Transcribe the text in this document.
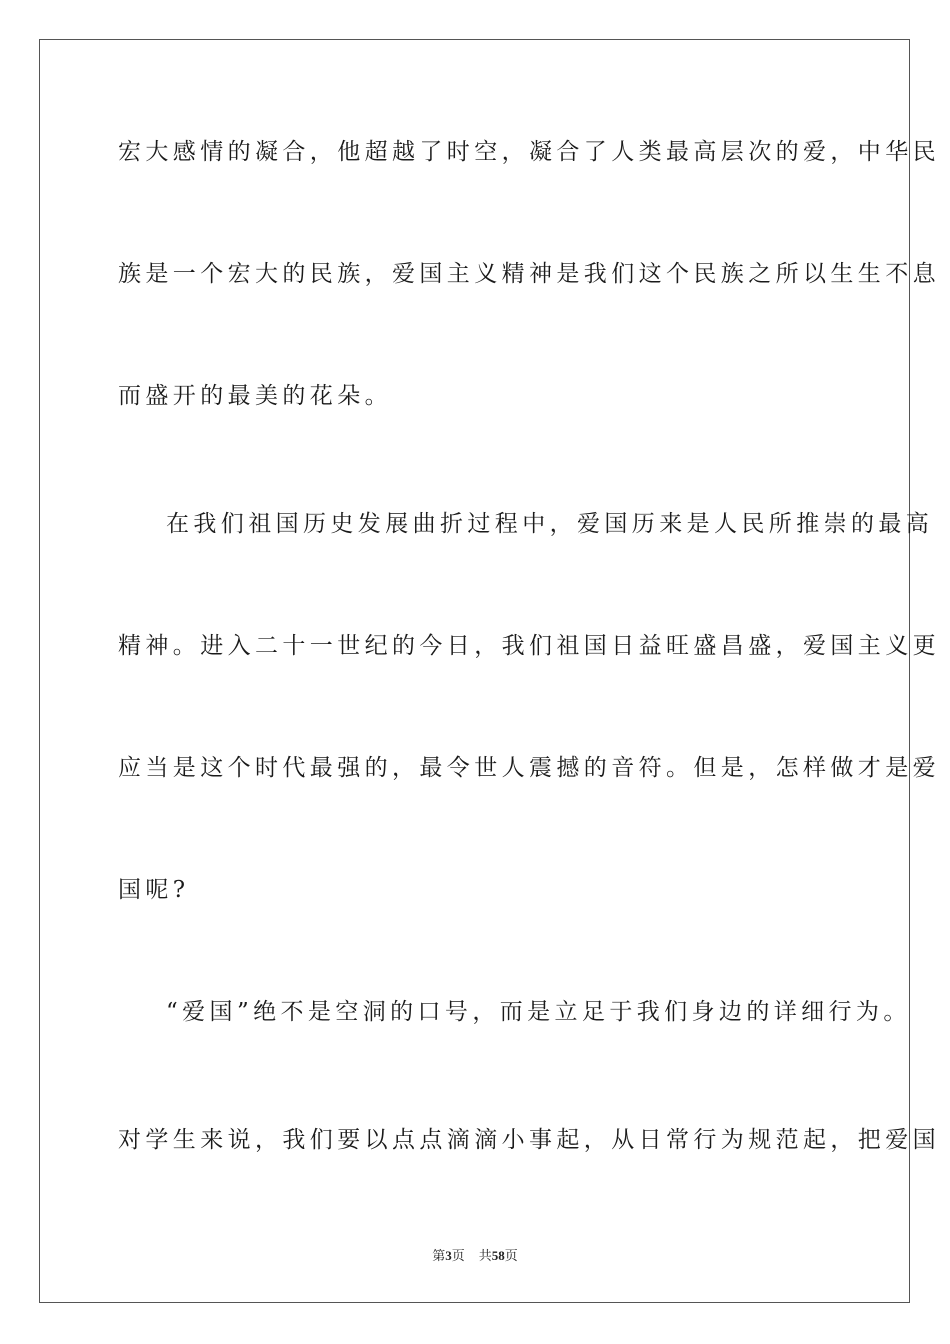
宏大感情的凝合，他超越了时空，凝合了人类最高层次的爱，中华民
族是一个宏大的民族，爱国主义精神是我们这个民族之所以生生不息
而盛开的最美的花朵。
在我们祖国历史发展曲折过程中，爱国历来是人民所推崇的最高
精神。进入二十一世纪的今日，我们祖国日益旺盛昌盛，爱国主义更
应当是这个时代最强的，最令世人震撼的音符。但是，怎样做才是爱
国呢?
“爱国”绝不是空洞的口号，而是立足于我们身边的详细行为。
对学生来说，我们要以点点滴滴小事起，从日常行为规范起，把爱国
第3页 共58页
